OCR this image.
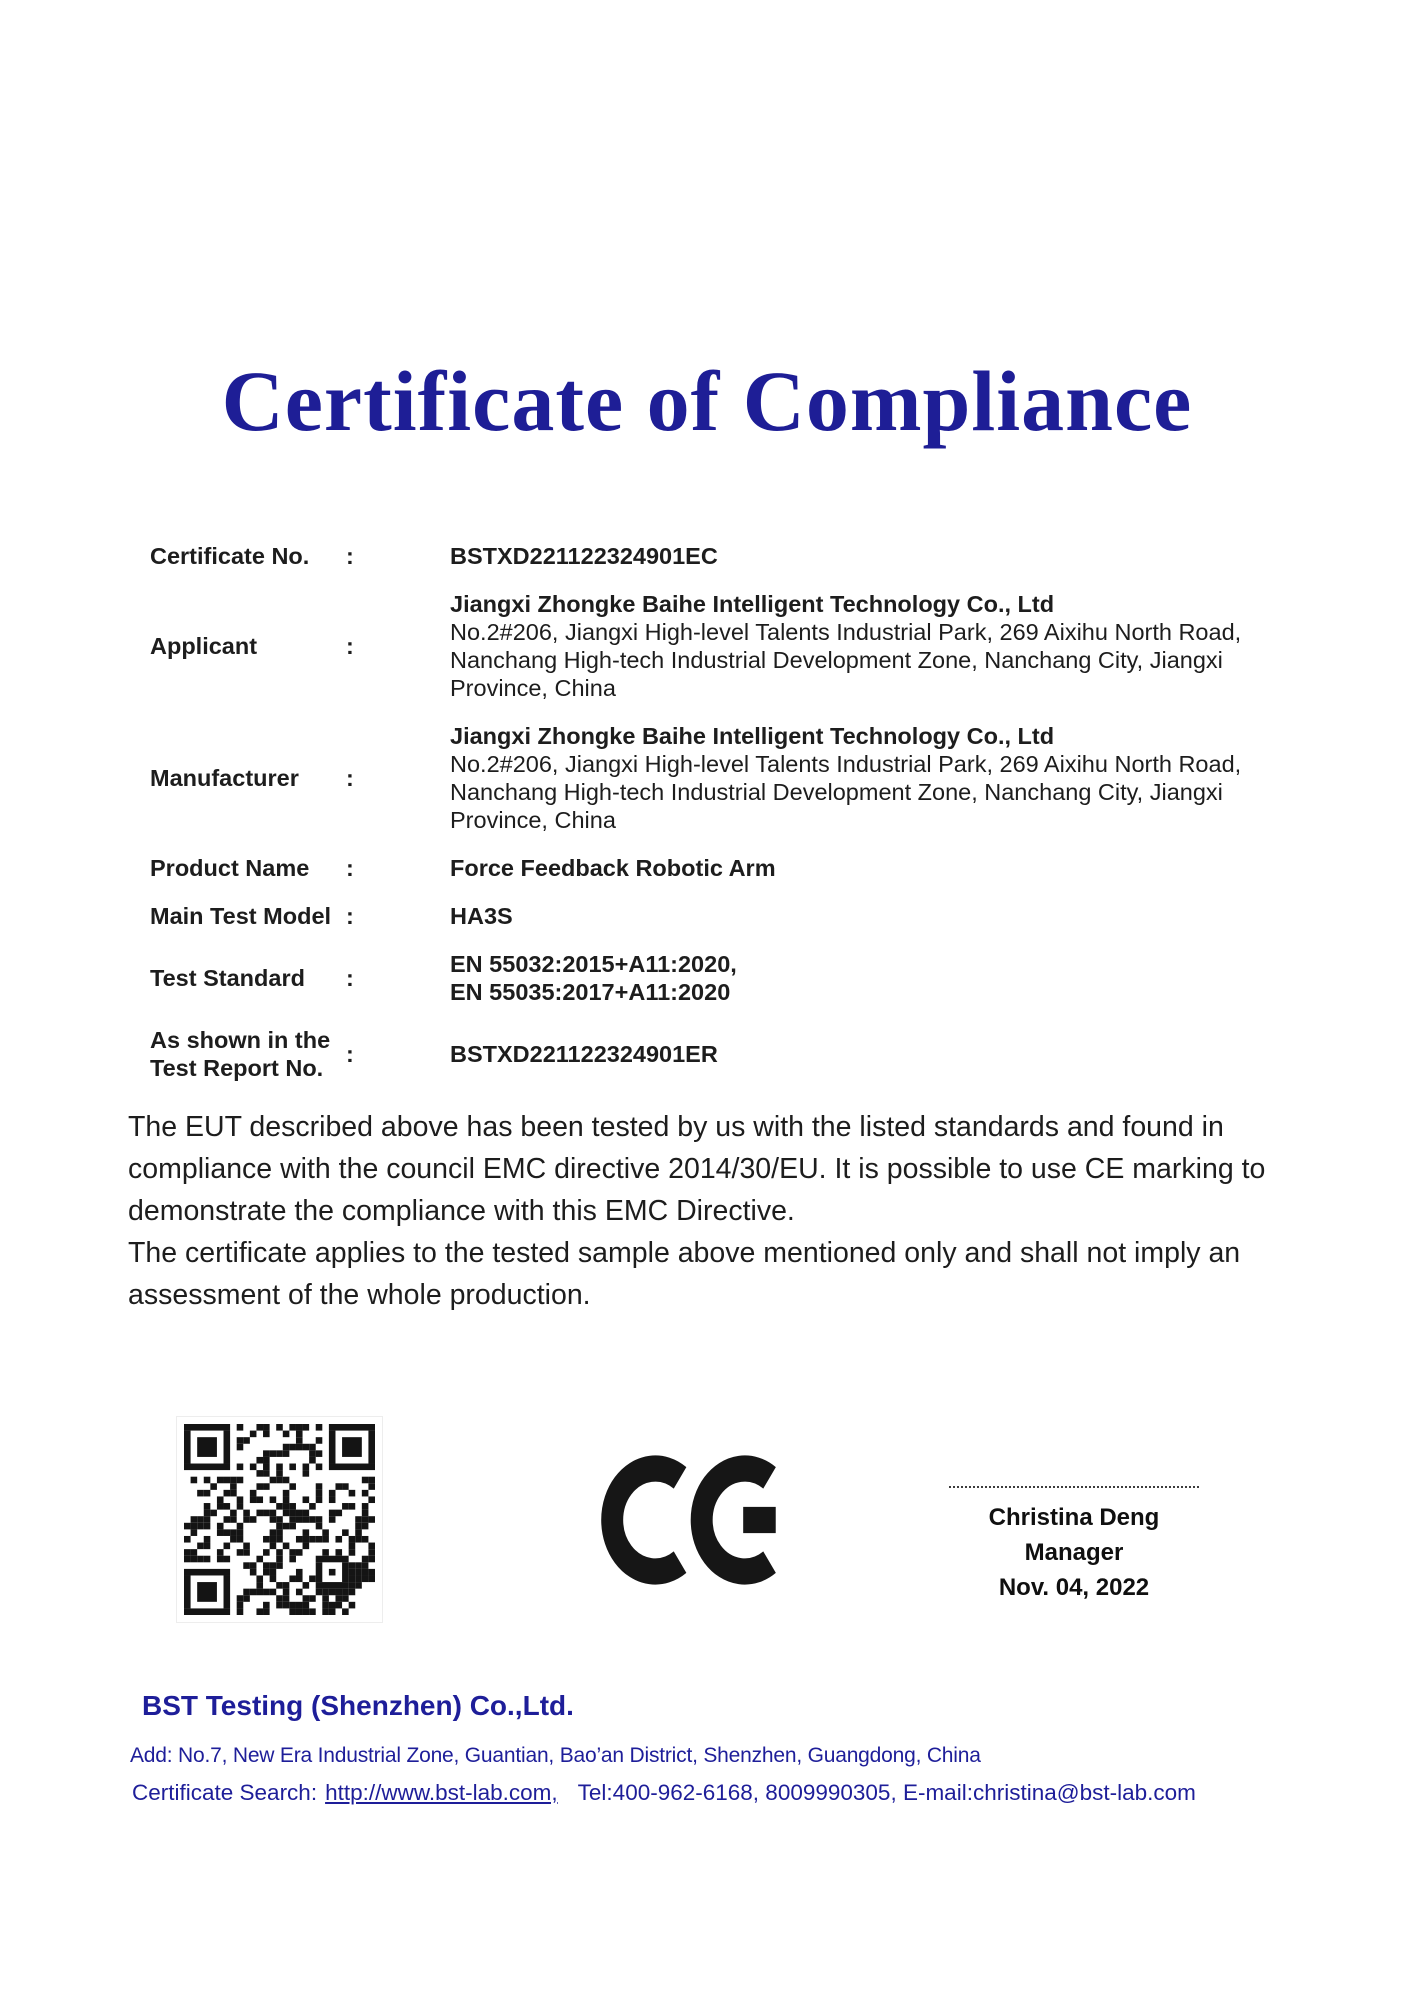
Certificate of Compliance
Certificate No.	:	BSTXD221122324901EC
Applicant	:
Jiangxi Zhongke Baihe Intelligent Technology Co., Ltd
No.2#206, Jiangxi High-level Talents Industrial Park, 269 Aixihu North Road, Nanchang High-tech Industrial Development Zone, Nanchang City, Jiangxi Province, China
Manufacturer	:
Jiangxi Zhongke Baihe Intelligent Technology Co., Ltd
No.2#206, Jiangxi High-level Talents Industrial Park, 269 Aixihu North Road, Nanchang High-tech Industrial Development Zone, Nanchang City, Jiangxi Province, China
Product Name	:	Force Feedback Robotic Arm
Main Test Model :	HA3S
Test Standard	:
EN 55032:2015+A11:2020,
EN 55035:2017+A11:2020
As shown in the
Test Report No.
:	BSTXD221122324901ER

The EUT described above has been tested by us with the listed standards and found in compliance with the council EMC directive 2014/30/EU. It is possible to use CE marking to demonstrate the compliance with this EMC Directive.

The certificate applies to the tested sample above mentioned only and shall not imply an assessment of the whole production.

Christina Deng
Manager
Nov. 04, 2022
BST Testing (Shenzhen) Co.,Ltd.
Add: No.7, New Era Industrial Zone, Guantian, Bao’an District, Shenzhen, Guangdong, China
Certificate Search: http://www.bst-lab.com, Tel:400-962-6168, 8009990305, E-mail:christina@bst-lab.com
